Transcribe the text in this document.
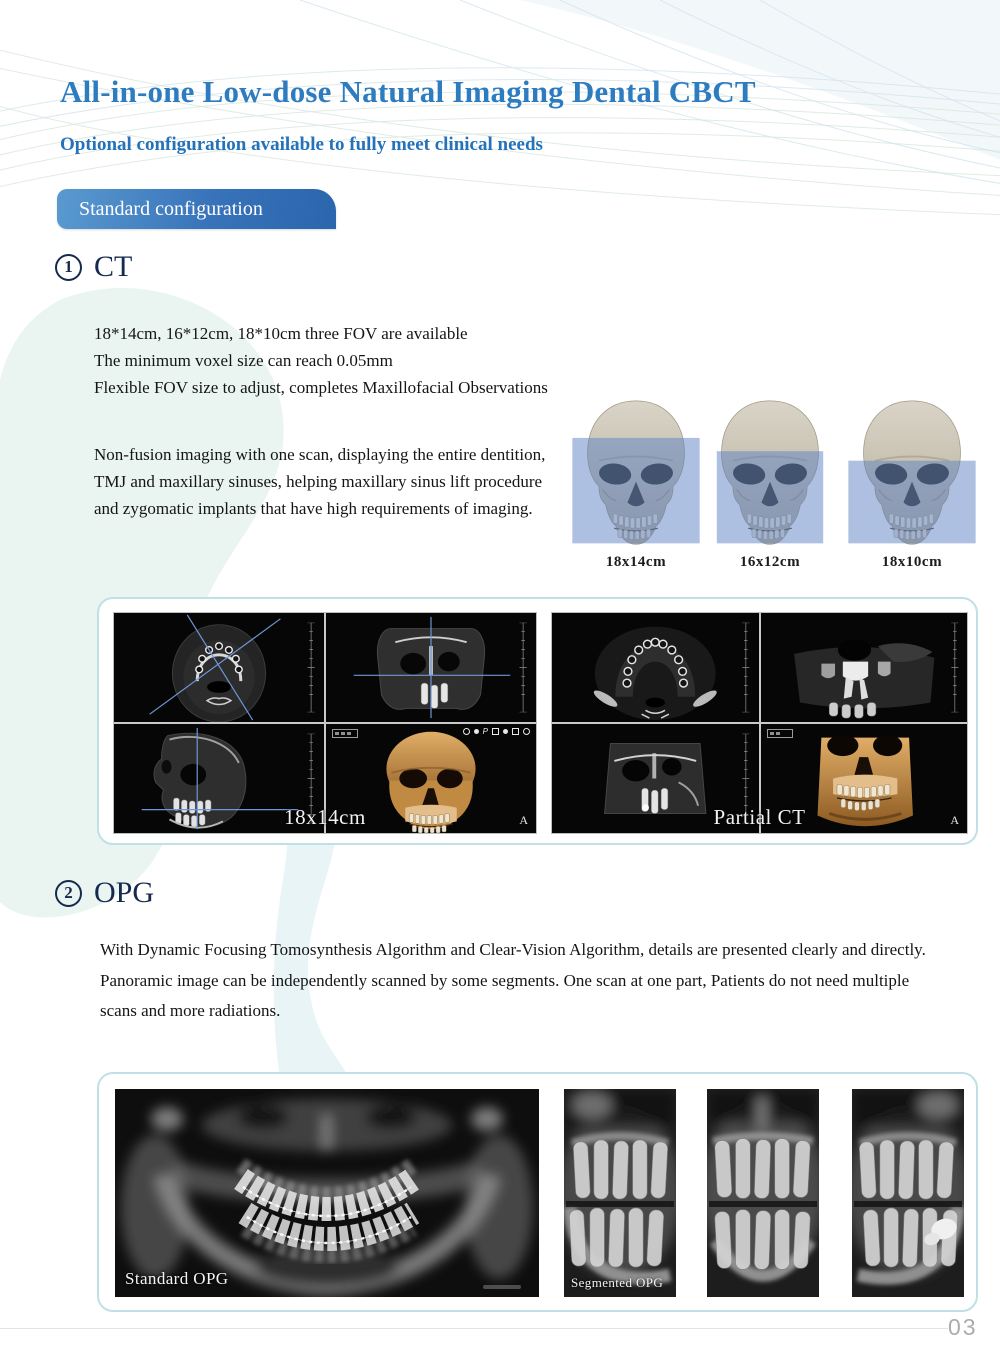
All-in-one Low-dose Natural Imaging Dental CBCT
Optional configuration available to fully meet clinical needs
Standard configuration
1 CT
18*14cm, 16*12cm, 18*10cm three FOV are available
The minimum voxel size can reach 0.05mm
Flexible FOV size to adjust, completes Maxillofacial Observations
Non-fusion imaging with one scan, displaying the entire dentition, TMJ and maxillary sinuses, helping maxillary sinus lift procedure and zygomatic implants that have high requirements of imaging.
18x14cm	16x12cm	18x10cm
P
A
18x14cm	A
Partial CT
2 OPG

With Dynamic Focusing Tomosynthesis Algorithm and Clear-Vision Algorithm, details are presented clearly and directly.

Panoramic image can be independently scanned by some segments. One scan at one part, Patients do not need multiple scans and more radiations.

Standard OPG	Segmented OPG
03
